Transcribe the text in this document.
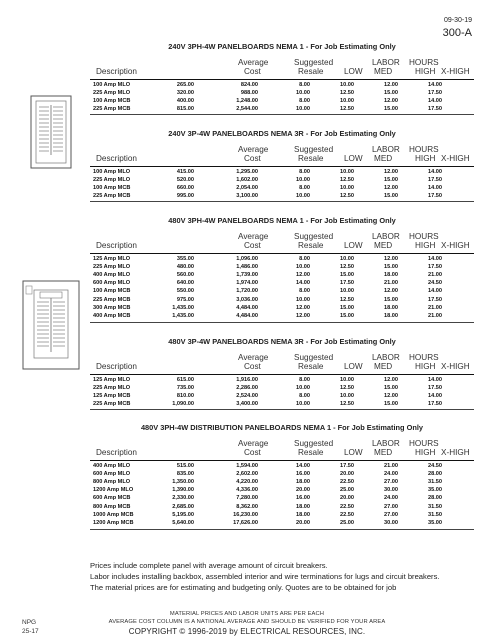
09-30-19
300-A
240V 3PH-4W PANELBOARDS NEMA 1 - For Job Estimating Only
Average	Suggested	LABOR HOURS
Description	Cost	Resale	LOW MED	HIGH X-HIGH
100 Amp MLO	265.00	824.00	8.00	10.00	12.00	14.00
225 Amp MLO	320.00	988.00	10.00	12.50	15.00	17.50
100 Amp MCB	400.00	1,248.00	8.00	10.00	12.00	14.00
225 Amp MCB	815.00	2,544.00	10.00	12.50	15.00	17.50
240V 3P-4W PANELBOARDS NEMA 3R - For Job Estimating Only
Average	Suggested	LABOR HOURS
Description	Cost	Resale	LOW MED	HIGH X-HIGH
100 Amp MLO	415.00	1,295.00	8.00	10.00	12.00	14.00
225 Amp MLO	520.00	1,602.00	10.00	12.50	15.00	17.50
100 Amp MCB	660.00	2,054.00	8.00	10.00	12.00	14.00
225 Amp MCB	995.00	3,100.00	10.00	12.50	15.00	17.50
480V 3PH-4W PANELBOARDS NEMA 1 - For Job Estimating Only
Average	Suggested	LABOR HOURS
Description	Cost	Resale	LOW MED	HIGH X-HIGH
125 Amp MLO	355.00	1,096.00	8.00	10.00	12.00	14.00
225 Amp MLO	480.00	1,486.00	10.00	12.50	15.00	17.50
400 Amp MLO	560.00	1,739.00	12.00	15.00	18.00	21.00
600 Amp MLO	640.00	1,974.00	14.00	17.50	21.00	24.50
100 Amp MCB	550.00	1,720.00	8.00	10.00	12.00	14.00
225 Amp MCB	975.00	3,036.00	10.00	12.50	15.00	17.50
300 Amp MCB	1,435.00	4,484.00	12.00	15.00	18.00	21.00
400 Amp MCB	1,435.00	4,484.00	12.00	15.00	18.00	21.00
480V 3P-4W PANELBOARDS NEMA 3R - For Job Estimating Only
Average	Suggested	LABOR HOURS
Description	Cost	Resale	LOW MED	HIGH X-HIGH
125 Amp MLO	615.00	1,916.00	8.00	10.00	12.00	14.00
225 Amp MLO	735.00	2,286.00	10.00	12.50	15.00	17.50
125 Amp MCB	810.00	2,524.00	8.00	10.00	12.00	14.00
225 Amp MCB	1,090.00	3,400.00	10.00	12.50	15.00	17.50
480V 3PH-4W DISTRIBUTION PANELBOARDS NEMA 1 - For Job Estimating Only
Average	Suggested	LABOR HOURS
Description	Cost	Resale	LOW MED	HIGH X-HIGH
400 Amp MLO	515.00	1,594.00	14.00	17.50	21.00	24.50
600 Amp MLO	835.00	2,602.00	16.00	20.00	24.00	28.00
800 Amp MLO	1,350.00	4,220.00	18.00	22.50	27.00	31.50
1200 Amp MLO	1,390.00	4,336.00	20.00	25.00	30.00	35.00
600 Amp MCB	2,330.00	7,280.00	16.00	20.00	24.00	28.00
800 Amp MCB	2,685.00	8,362.00	18.00	22.50	27.00	31.50
1000 Amp MCB	5,195.00	16,230.00	18.00	22.50	27.00	31.50
1200 Amp MCB	5,640.00	17,626.00	20.00	25.00	30.00	35.00
Prices include complete panel with average amount of circuit breakers.
Labor includes installing backbox, assembled interior and wire terminations for lugs and circuit breakers.
The material prices are for estimating and budgeting only. Quotes are to be obtained for job
MATERIAL PRICES AND LABOR UNITS ARE PER EACH
AVERAGE COST COLUMN IS A NATIONAL AVERAGE AND SHOULD BE VERIFIED FOR YOUR AREA
COPYRIGHT © 1996-2019 by ELECTRICAL RESOURCES, INC.
NPG
25-17
